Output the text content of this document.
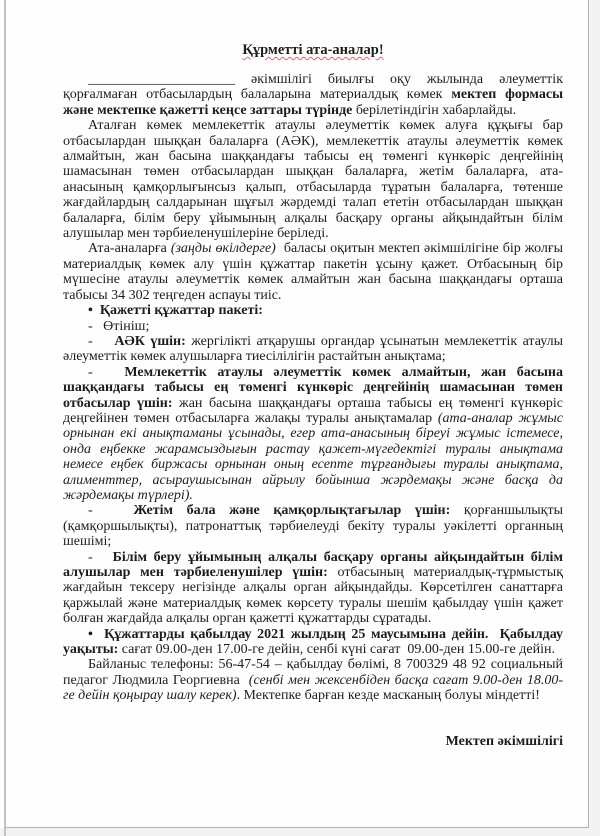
Құрметті ата-аналар!

_____________________ әкімшілігі биылғы оқу жылында әлеуметтік қорғалмаған отбасылардың балаларына материалдық көмек мектеп формасы және мектепке қажетті кеңсе заттары түрінде берілетіндігін хабарлайды.

Аталған көмек мемлекеттік атаулы әлеуметтік көмек алуға құқығы бар отбасылардан шыққан балаларға (АӘК), мемлекеттік атаулы әлеуметтік көмек алмайтын, жан басына шаққандағы табысы ең төменгі күнкөріс деңгейінің шамасынан төмен отбасылардан шыққан балаларға, жетім балаларға, ата-анасының қамқорлығынсыз қалып, отбасыларда тұратын балаларға, төтенше жағдайлардың салдарынан шұғыл жәрдемді талап ететін отбасылардан шыққан балаларға, білім беру ұйымының алқалы басқару органы айқындайтын білім алушылар мен тәрбиеленушілеріне беріледі.

Ата-аналарға (заңды өкілдерге)  баласы оқитын мектеп әкімшілігіне бір жолғы материалдық көмек алу үшін құжаттар пакетін ұсыну қажет. Отбасының бір мүшесіне атаулы әлеуметтік көмек алмайтын жан басына шаққандағы орташа табысы 34 302 теңгеден аспауы тиіс.

•  Қажетті құжаттар пакеті:

-   Өтініш;

-    АӘК үшін: жергілікті атқарушы органдар ұсынатын мемлекеттік атаулы әлеуметтік көмек алушыларға тиесілілігін растайтын анықтама;

-   Мемлекеттік атаулы әлеуметтік көмек алмайтын, жан басына шаққандағы табысы ең төменгі күнкөріс деңгейінің шамасынан төмен отбасылар үшін: жан басына шаққандағы орташа табысы ең төменгі күнкөріс деңгейінен төмен отбасыларға жалақы туралы анықтамалар (ата-аналар жұмыс орнынан екі анықтаманы ұсынады, егер ата-анасының біреуі жұмыс істемесе, онда еңбекке жарамсыздығын растау қажет-мүгедектігі туралы анықтама немесе еңбек биржасы орнынан оның есепте тұрғандығы туралы анықтама, алименттер, асыраушысынан айрылу бойынша жәрдемақы және басқа да жәрдемақы түрлері).

-   Жетім бала және қамқорлықтағылар үшін: қорғаншылықты (қамқоршылықты), патронаттық тәрбиелеуді бекіту туралы уәкілетті органның шешімі;

-   Білім беру ұйымының алқалы басқару органы айқындайтын білім алушылар мен тәрбиеленушілер үшін: отбасының материалдық-тұрмыстық жағдайын тексеру негізінде алқалы орган айқындайды. Көрсетілген санаттарға қаржылай және материалдық көмек көрсету туралы шешім қабылдау үшін қажет болған жағдайда алқалы орган қажетті құжаттарды сұратады.

•  Құжаттарды қабылдау 2021 жылдың 25 маусымына дейін.  Қабылдау уақыты: сағат 09.00-ден 17.00-ге дейін, сенбі күні сағат  09.00-ден 15.00-ге дейін.

Байланыс телефоны: 56-47-54 – қабылдау бөлімі, 8 700329 48 92 социальный педагог Людмила Георгиевна  (сенбі мен жексенбіден басқа сағат 9.00-ден 18.00-ге дейін қоңырау шалу керек). Мектепке барған кезде масканың болуы міндетті!

Мектеп әкімшілігі
